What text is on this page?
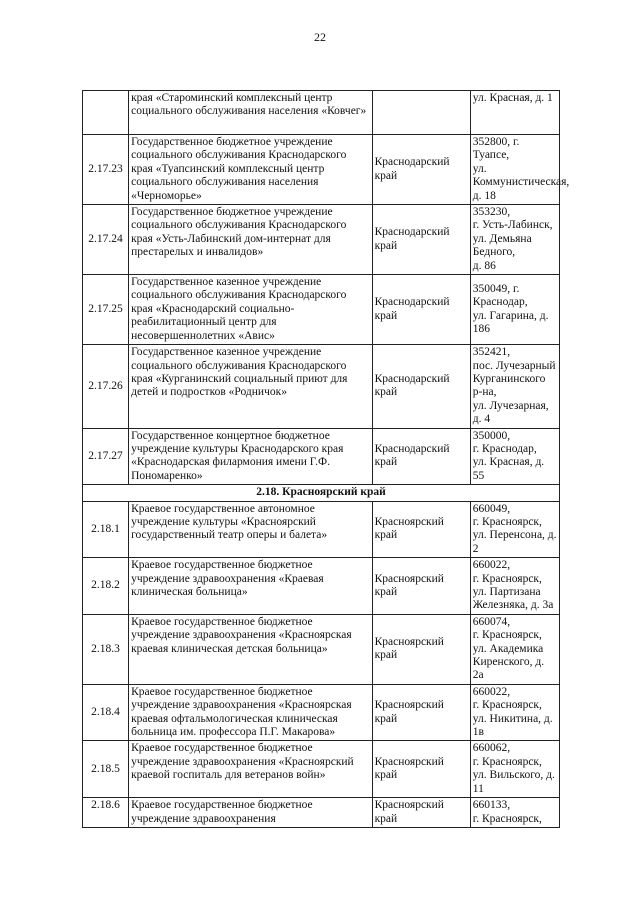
22
	края «Староминский комплексный центр социального обслуживания населения «Ковчег»		ул. Красная, д. 1
2.17.23	Государственное бюджетное учреждение социального обслуживания Краснодарского края «Туапсинский комплексный центр социального обслуживания населения «Черноморье»	Краснодарский край	352800, г. Туапсе,
ул.
Коммунистическая,
д. 18
2.17.24	Государственное бюджетное учреждение социального обслуживания Краснодарского края «Усть-Лабинский дом-интернат для престарелых и инвалидов»	Краснодарский край	353230,
г. Усть-Лабинск,
ул. Демьяна Бедного,
д. 86
2.17.25	Государственное казенное учреждение социального обслуживания Краснодарского края «Краснодарский социально-реабилитационный центр для несовершеннолетних «Авис»	Краснодарский край	350049, г. Краснодар,
ул. Гагарина, д. 186
2.17.26	Государственное казенное учреждение социального обслуживания Краснодарского края «Курганинский социальный приют для детей и подростков «Родничок»	Краснодарский край	352421,
пос. Лучезарный
Курганинского р-на,
ул. Лучезарная, д. 4
2.17.27	Государственное концертное бюджетное учреждение культуры Краснодарского края «Краснодарская филармония имени Г.Ф. Пономаренко»	Краснодарский край	350000,
г. Краснодар,
ул. Красная, д. 55
2.18. Красноярский край			
2.18.1	Краевое государственное автономное учреждение культуры «Красноярский государственный театр оперы и балета»	Красноярский край	660049,
г. Красноярск,
ул. Перенсона, д. 2
2.18.2	Краевое государственное бюджетное учреждение здравоохранения «Краевая клиническая больница»	Красноярский край	660022,
г. Красноярск,
ул. Партизана
Железняка, д. 3а
2.18.3	Краевое государственное бюджетное учреждение здравоохранения «Красноярская краевая клиническая детская больница»	Красноярский край	660074,
г. Красноярск,
ул. Академика
Киренского, д. 2а
2.18.4	Краевое государственное бюджетное учреждение здравоохранения «Красноярская краевая офтальмологическая клиническая больница им. профессора П.Г. Макарова»	Красноярский край	660022,
г. Красноярск,
ул. Никитина, д. 1в
2.18.5	Краевое государственное бюджетное учреждение здравоохранения «Красноярский краевой госпиталь для ветеранов войн»	Красноярский край	660062,
г. Красноярск,
ул. Вильского, д. 11
2.18.6	Краевое государственное бюджетное учреждение здравоохранения	Красноярский край	660133,
г. Красноярск,
